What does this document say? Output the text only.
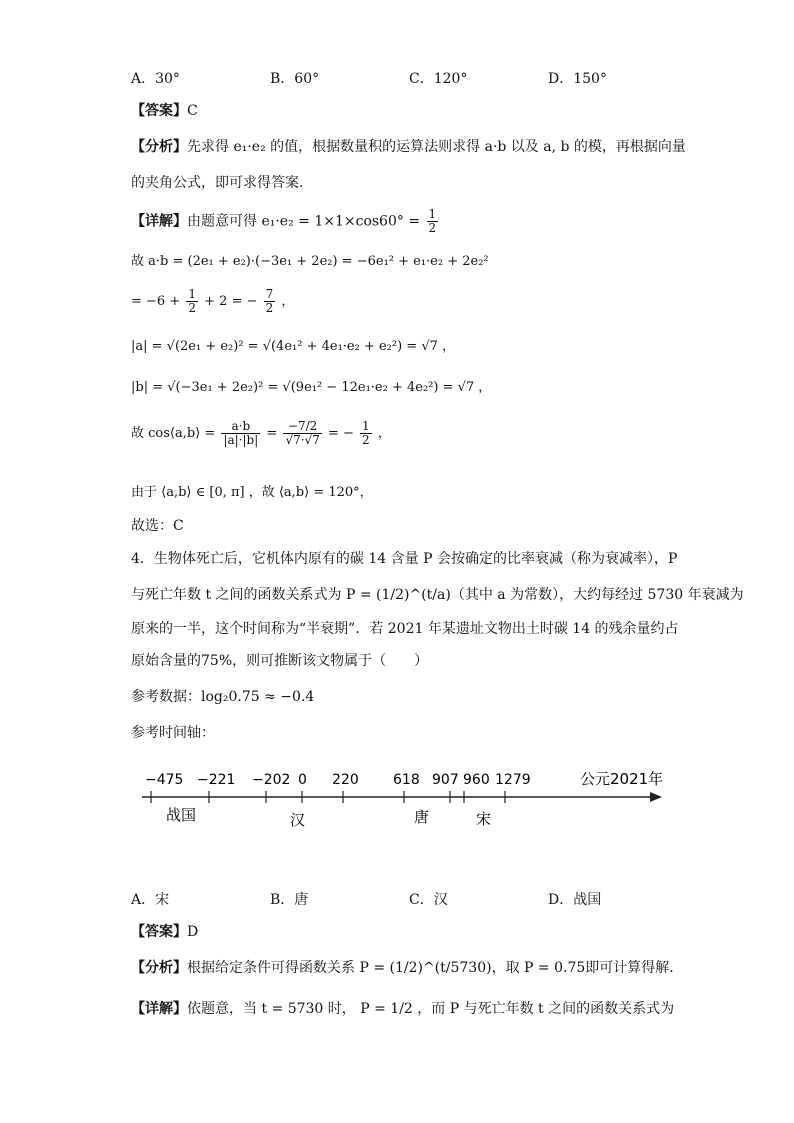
A．30°	B．60°	C．120°	D．150°
【答案】C
【分析】先求得 e₁·e₂ 的值，根据数量积的运算法则求得 a·b 以及 a, b 的模，再根据向量
的夹角公式，即可求得答案.
【详解】由题意可得 $e_1\cdot e_2 = 1\times 1\times\cos 60^\circ = \frac{1}{2}$
故 a·b = (2e₁ + e₂)·(−3e₁ + 2e₂) = −6e₁² + e₁·e₂ + 2e₂²
= $-6 + \frac{1}{2} + 2$ = − $\frac{7}{2}$ ，
|a| = √(2e₁ + e₂)² = √(4e₁² + 4e₁·e₂ + e₂²) = √7 ，
|b| = √(−3e₁ + 2e₂)² = √(9e₁² − 12e₁·e₂ + 4e₂²) = √7 ，
故 cos⟨a,b⟩ = $\frac{a\cdot b}{|a|\cdot|b|} = \frac{-7/2}{√7\cdot√7}$ = − $\frac{1}{2}$ ，
由于 ⟨a,b⟩ ∈ [0, π] ，故 ⟨a,b⟩ = 120°，
故选：C
4．生物体死亡后，它机体内原有的碳 14 含量 P 会按确定的比率衰减（称为衰减率），P
与死亡年数 t 之间的函数关系式为 P = (1/2)^(t/a)（其中 a 为常数），大约每经过 5730 年衰减为
原来的一半，这个时间称为“半衰期”．若 2021 年某遗址文物出土时碳 14 的残余量约占
原始含量的75%，则可推断该文物属于（　　）
参考数据：log₂0.75 ≈ −0.4
参考时间轴：
−475 −221 −202 0 220 618 907 960 1279	公元2021年
战国	汉	唐	宋
A．宋	B．唐	C．汉	D．战国
【答案】D
【分析】根据给定条件可得函数关系 P = (1/2)^(t/5730)，取 P = 0.75即可计算得解.
【详解】依题意，当 t = 5730 时， P = 1/2 ，而 P 与死亡年数 t 之间的函数关系式为
